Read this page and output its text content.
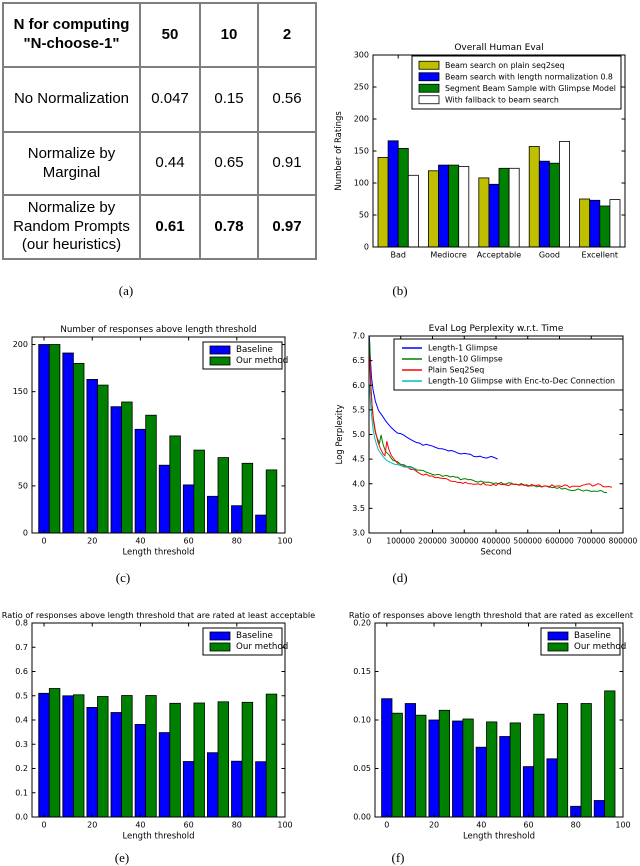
N for computing "N-choose-1"	50	10	2
No Normalization	0.047	0.15	0.56
Normalize by Marginal	0.44	0.65	0.91
Normalize by Random Prompts (our heuristics)	0.61	0.78	0.97
Bad	Mediocre Acceptable Good	Excellent
0
50
100
150
200
250
300
Overall Human Eval
Number of Ratings
Beam search on plain seq2seq
Beam search with length normalization 0.8
Segment Beam Sample with Glimpse Model
With fallback to beam search
0	20	40	60	80	100
0
50
100
150
200
Number of responses above length threshold
Length threshold
Baseline
Our method
0 100000 200000 300000 400000 500000 600000 700000 800000
3.0
3.5
4.0
4.5
5.0
5.5
6.0
6.5
7.0
Eval Log Perplexity w.r.t. Time
Log Perplexity
Second
Length-1 Glimpse
Length-10 Glimpse
Plain Seq2Seq
Length-10 Glimpse with Enc-to-Dec Connection
0	20	40	60	80	100
0.0
0.1
0.2
0.3
0.4
0.5
0.6
0.7
0.8
Ratio of responses above length threshold that are rated at least acceptable
Length threshold
Baseline
Our method
0	20	40	60	80	100
0.00
0.05
0.10
0.15
0.20
Ratio of responses above length threshold that are rated as excellent
Length threshold
Baseline
Our method
(a)	(b)
(c)	(d)
(e)	(f)
